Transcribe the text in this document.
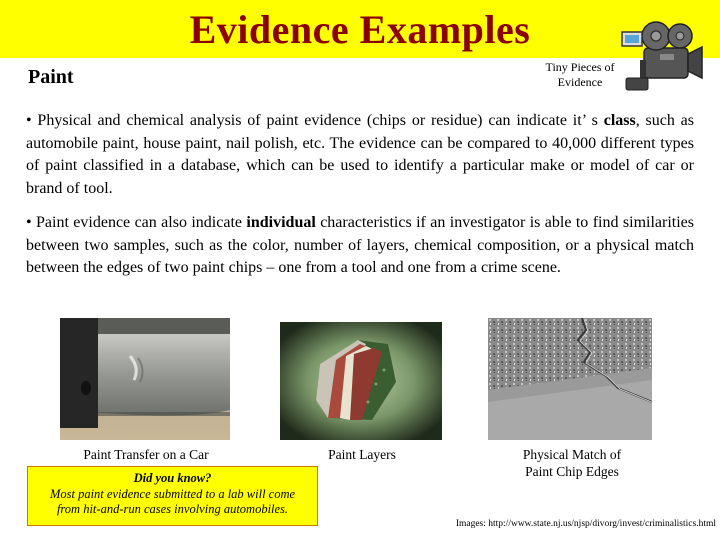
Evidence Examples
Tiny Pieces of
Evidence
Paint
• Physical and chemical analysis of paint evidence (chips or residue) can indicate it’ s class, such as automobile paint, house paint, nail polish, etc. The evidence can be compared to 40,000 different types of paint classified in a database, which can be used to identify a particular make or model of car or brand of tool.
• Paint evidence can also indicate individual characteristics if an investigator is able to find similarities between two samples, such as the color, number of layers, chemical composition, or a physical match between the edges of two paint chips – one from a tool and one from a crime scene.
Paint Transfer on a Car	Paint Layers	Physical Match of
Paint Chip Edges
Did you know?
Most paint evidence submitted to a lab will come
from hit-and-run cases involving automobiles.
Images: http://www.state.nj.us/njsp/divorg/invest/criminalistics.html
